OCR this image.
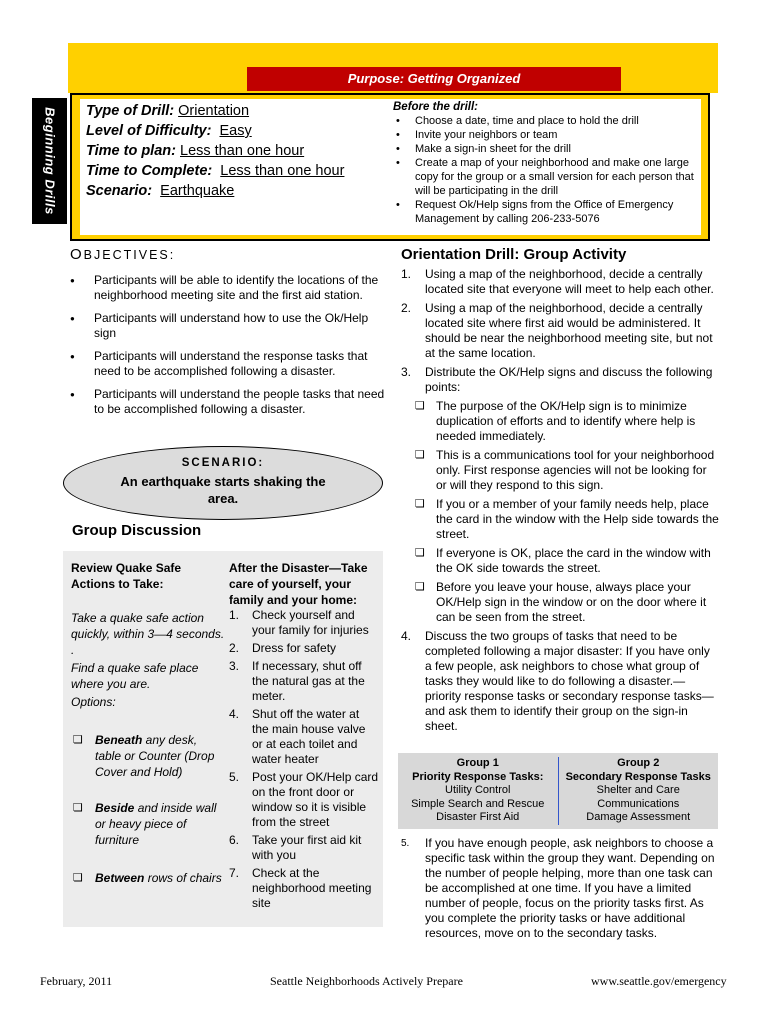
Purpose: Getting Organized
Beginning Drills Type of Drill: Orientation
Level of Difficulty: Easy
Time to plan: Less than one hour
Time to Complete: Less than one hour
Scenario: Earthquake
Before the drill:
• Choose a date, time and place to hold the drill
• Invite your neighbors or team
• Make a sign-in sheet for the drill
• Create a map of your neighborhood and make one large copy for the group or a small version for each person that will be participating in the drill
• Request Ok/Help signs from the Office of Emergency Management by calling 206-233-5076
OBJECTIVES:
● Participants will be able to identify the locations of the neighborhood meeting site and the first aid station.
● Participants will understand how to use the Ok/Help sign
● Participants will understand the response tasks that need to be accomplished following a disaster.
● Participants will understand the people tasks that need to be accomplished following a disaster.
SCENARIO:
An earthquake starts shaking the area.
Group Discussion
Review Quake Safe Actions to Take:

Take a quake safe action quickly, within 3—4 seconds. .

Find a quake safe place where you are.

Options:

❏ Beneath any desk, table or Counter (Drop Cover and Hold)
❏ Beside and inside wall or heavy piece of furniture
❏ Between rows of chairs
After the Disaster—Take care of yourself, your family and your home:
1. Check yourself and your family for injuries
2. Dress for safety
3. If necessary, shut off the natural gas at the meter.
4. Shut off the water at the main house valve or at each toilet and water heater
5. Post your OK/Help card on the front door or window so it is visible from the street
6. Take your first aid kit with you
7. Check at the neighborhood meeting site
Orientation Drill: Group Activity
1. Using a map of the neighborhood, decide a centrally located site that everyone will meet to help each other.
2. Using a map of the neighborhood, decide a centrally located site where first aid would be administered. It should be near the neighborhood meeting site, but not at the same location.
3. Distribute the OK/Help signs and discuss the following points:
❏ The purpose of the OK/Help sign is to minimize duplication of efforts and to identify where help is needed immediately.
❏ This is a communications tool for your neighborhood only. First response agencies will not be looking for or will they respond to this sign.
❏ If you or a member of your family needs help, place the card in the window with the Help side towards the street.
❏ If everyone is OK, place the card in the window with the OK side towards the street.
❏ Before you leave your house, always place your OK/Help sign in the window or on the door where it can be seen from the street.
4. Discuss the two groups of tasks that need to be completed following a major disaster: If you have only a few people, ask neighbors to chose what group of tasks they would like to do following a disaster.—priority response tasks or secondary response tasks—and ask them to identify their group on the sign-in sheet.
Group 1
Priority Response Tasks:
Utility Control
Simple Search and Rescue
Disaster First Aid
Group 2
Secondary Response Tasks
Shelter and Care
Communications
Damage Assessment
5. If you have enough people, ask neighbors to choose a specific task within the group they want. Depending on the number of people helping, more than one task can be accomplished at one time. If you have a limited number of people, focus on the priority tasks first. As you complete the priority tasks or have additional resources, move on to the secondary tasks.
February, 2011	Seattle Neighborhoods Actively Prepare	www.seattle.gov/emergency
